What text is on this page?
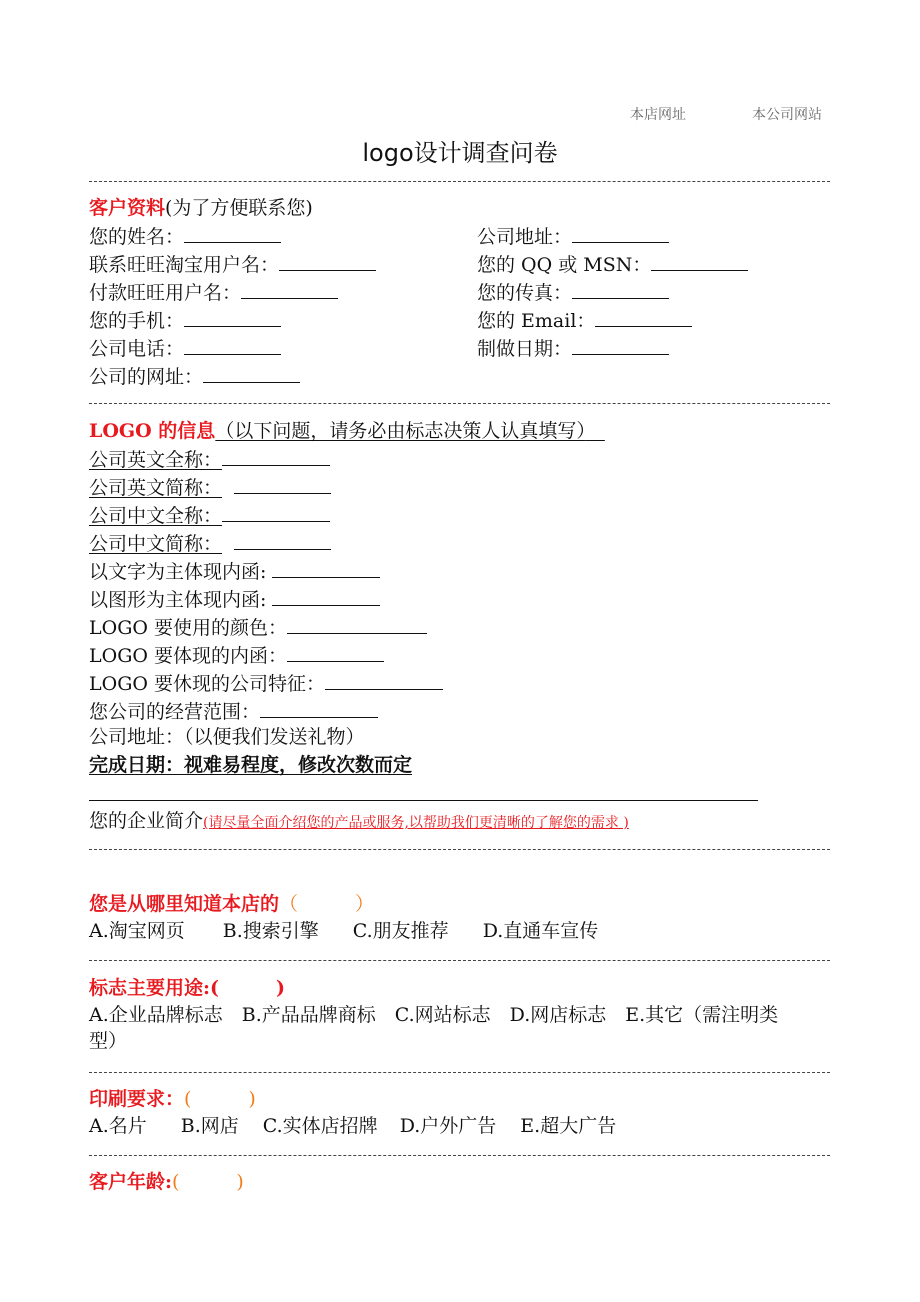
本店网址	本公司网站
logo设计调查问卷
客户资料(为了方便联系您)
您的姓名：	公司地址：
联系旺旺淘宝用户名：	您的 QQ 或 MSN：
付款旺旺用户名：	您的传真：
您的手机：	您的 Email：
公司电话：	制做日期：
公司的网址：
LOGO 的信息（以下问题，请务必由标志决策人认真填写）　
公司英文全称：
公司英文简称：
公司中文全称：
公司中文简称：
以文字为主体现内函:
以图形为主体现内函:
LOGO 要使用的颜色：
LOGO 要体现的内函：
LOGO 要休现的公司特征：
您公司的经营范围：
公司地址：（以便我们发送礼物）
完成日期：视难易程度，修改次数而定
您的企业简介(请尽量全面介绍您的产品或服务,以帮助我们更清晰的了解您的需求 )
您是从哪里知道本店的（　　　）
A.淘宝网页 B.搜索引擎 C.朋友推荐 D.直通车宣传
标志主要用途:(　　　)
A.企业品牌标志　B.产品品牌商标　C.网站标志　D.网店标志　E.其它（需注明类
型）
印刷要求：(　　　)
A.名片 B.网店 C.实体店招牌 D.户外广告 E.超大广告
客户年龄:(　　　)
